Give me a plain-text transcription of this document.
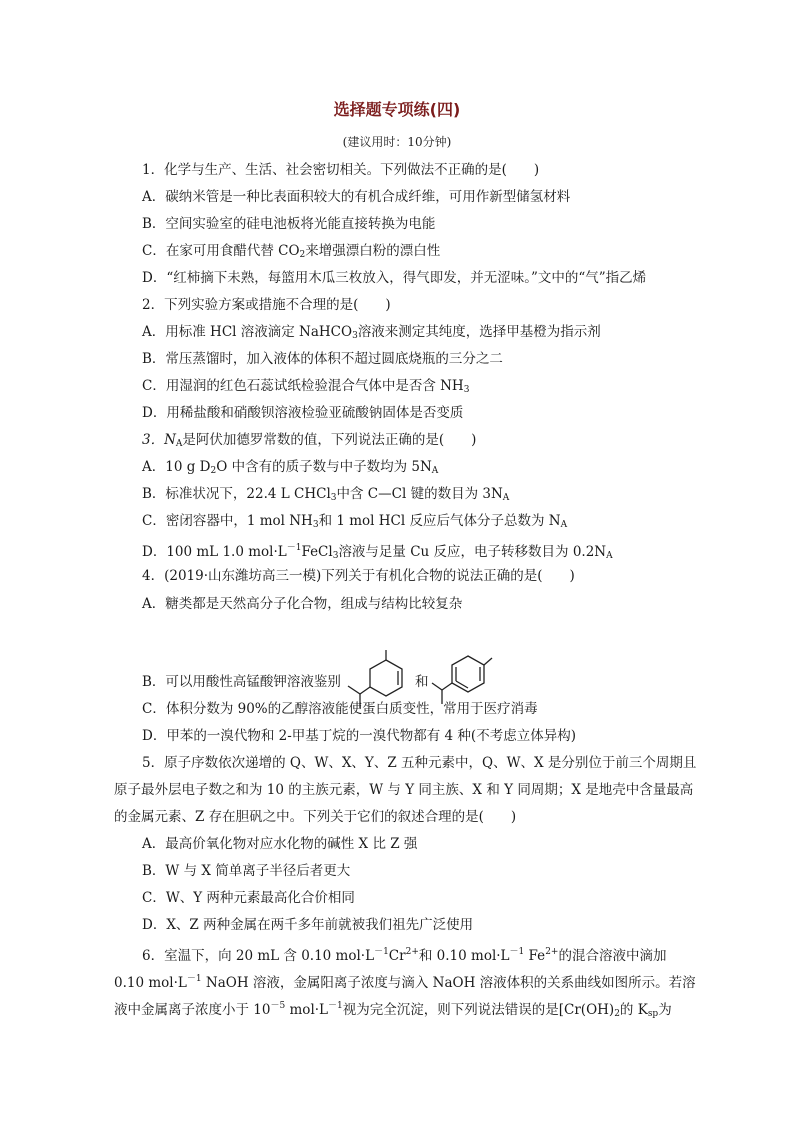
选择题专项练(四)
(建议用时：10分钟)
1．化学与生产、生活、社会密切相关。下列做法不正确的是(　　)
A．碳纳米管是一种比表面积较大的有机合成纤维，可用作新型储氢材料
B．空间实验室的硅电池板将光能直接转换为电能
C．在家可用食醋代替 $CO_2$来增强漂白粉的漂白性
D．“红柿摘下未熟，每篮用木瓜三枚放入，得气即发，并无涩味。”文中的“气”指乙烯
2．下列实验方案或措施不合理的是(　　)
A．用标准 HCl 溶液滴定 NaHCO$_3$溶液来测定其纯度，选择甲基橙为指示剂
B．常压蒸馏时，加入液体的体积不超过圆底烧瓶的三分之二
C．用湿润的红色石蕊试纸检验混合气体中是否含 $NH_3$
D．用稀盐酸和硝酸钡溶液检验亚硫酸钠固体是否变质
3．$N_A$是阿伏加德罗常数的值，下列说法正确的是(　　)
A．10 g $D_2O$ 中含有的质子数与中子数均为 $5N_A$
B．标准状况下，22.4 L CHCl$_3$中含 C—Cl 键的数目为 $3N_A$
C．密闭容器中，1 mol $NH_3$和 1 mol HCl 反应后气体分子总数为 $N_A$
D．100 mL 1.0 $mol\cdot L^{-1}FeCl_3$溶液与足量 Cu 反应，电子转移数目为 $0.2N_A$
4．(2019·山东潍坊高三一模)下列关于有机化合物的说法正确的是(　　)
A．糖类都是天然高分子化合物，组成与结构比较复杂
B．可以用酸性高锰酸钾溶液鉴别	和
C．体积分数为 90%的乙醇溶液能使蛋白质变性，常用于医疗消毒
D．甲苯的一溴代物和 2-甲基丁烷的一溴代物都有 4 种(不考虑立体异构)
5．原子序数依次递增的 Q、W、X、Y、Z 五种元素中，Q、W、X 是分别位于前三个周期且
原子最外层电子数之和为 10 的主族元素，W 与 Y 同主族、X 和 Y 同周期；X 是地壳中含量最高
的金属元素、Z 存在胆矾之中。下列关于它们的叙述合理的是(　　)
A．最高价氧化物对应水化物的碱性 X 比 Z 强
B．W 与 X 简单离子半径后者更大
C．W、Y 两种元素最高化合价相同
D．X、Z 两种金属在两千多年前就被我们祖先广泛使用
6．室温下，向 20 mL 含 0.10 $mol\cdot L^{-1}Cr^{2+}$和 0.10 $mol\cdot L^{-1}$ $Fe^{2+}$的混合溶液中滴加
0.10 $mol\cdot L^{-1}$ NaOH 溶液，金属阳离子浓度与滴入 NaOH 溶液体积的关系曲线如图所示。若溶
液中金属离子浓度小于 $10^{-5}$ $mol\cdot L^{-1}$视为完全沉淀，则下列说法错误的是[$Cr(OH)_2$的 $K_{sp}$为
